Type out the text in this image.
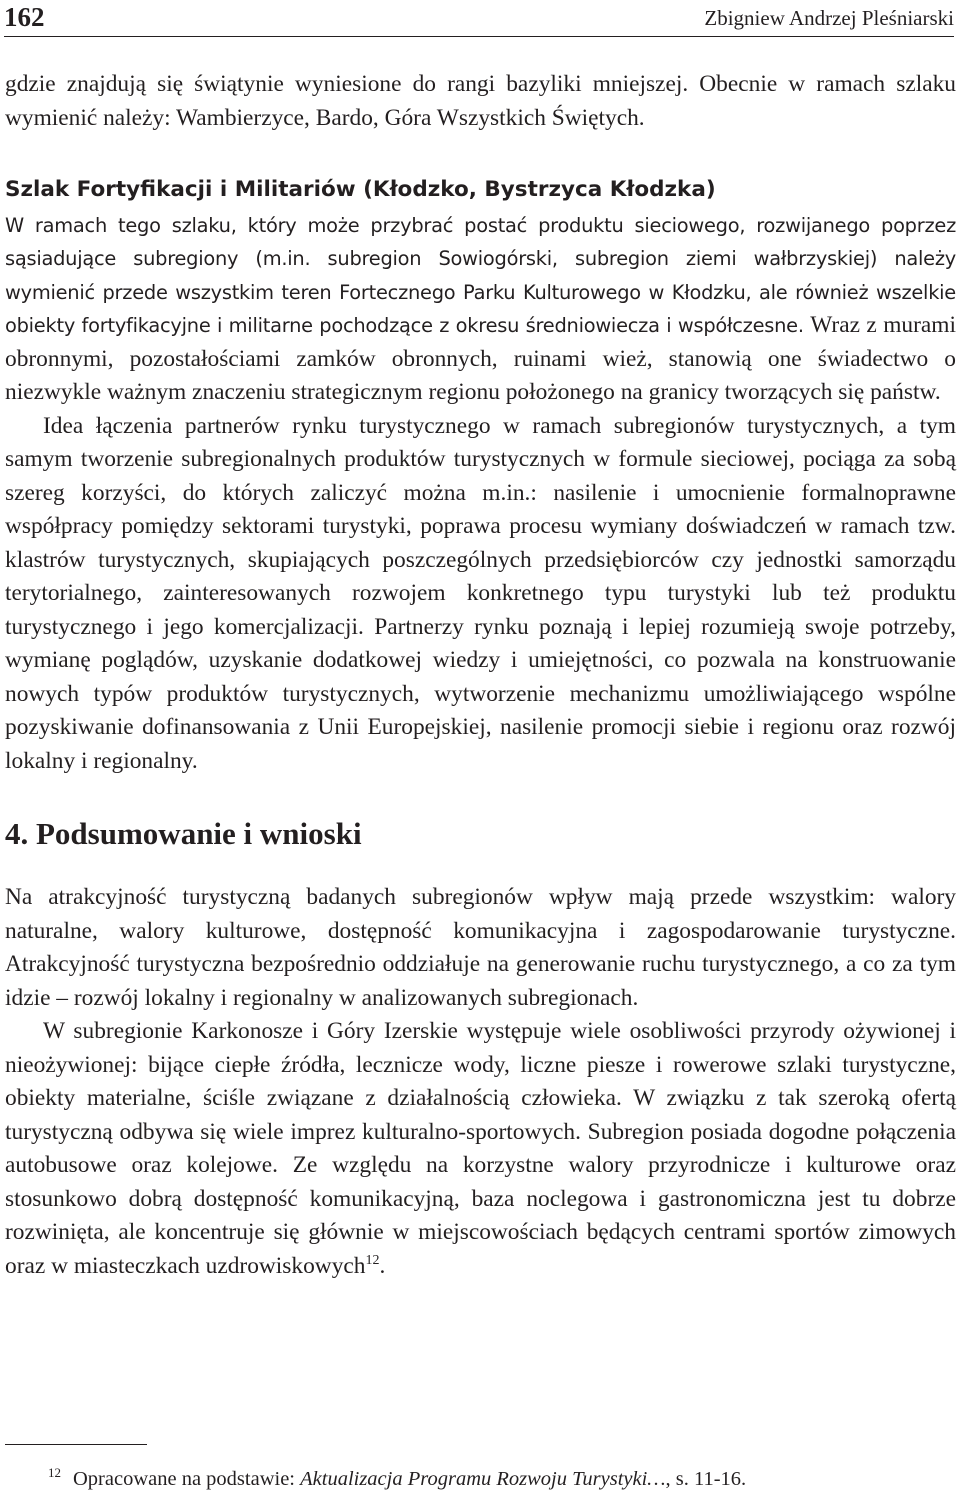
162	Zbigniew Andrzej Pleśniarski

gdzie znajdują się świątynie wyniesione do rangi bazyliki mniejszej. Obecnie w ramach szlaku wymienić należy: Wambierzyce, Bardo, Góra Wszystkich Świętych.

Szlak Fortyfikacji i Militariów (Kłodzko, Bystrzyca Kłodzka)

W ramach tego szlaku, który może przybrać postać produktu sieciowego, rozwijanego poprzez sąsiadujące subregiony (m.in. subregion Sowiogórski, subregion ziemi wałbrzyskiej) należy wymienić przede wszystkim teren Fortecznego Parku Kulturowego w Kłodzku, ale również wszelkie obiekty fortyfikacyjne i militarne pochodzące z okresu średniowiecza i współczesne. Wraz z murami obronnymi, pozostałościami zamków obronnych, ruinami wież, stanowią one świadectwo o niezwykle ważnym znaczeniu strategicznym regionu położonego na granicy tworzących się państw.

Idea łączenia partnerów rynku turystycznego w ramach subregionów turystycznych, a tym samym tworzenie subregionalnych produktów turystycznych w formule sieciowej, pociąga za sobą szereg korzyści, do których zaliczyć można m.in.: nasilenie i umocnienie formalnoprawne współpracy pomiędzy sektorami turystyki, poprawa procesu wymiany doświadczeń w ramach tzw. klastrów turystycznych, skupiających poszczególnych przedsiębiorców czy jednostki samorządu terytorialnego, zainteresowanych rozwojem konkretnego typu turystyki lub też produktu turystycznego i jego komercjalizacji. Partnerzy rynku poznają i lepiej rozumieją swoje potrzeby, wymianę poglądów, uzyskanie dodatkowej wiedzy i umiejętności, co pozwala na konstruowanie nowych typów produktów turystycznych, wytworzenie mechanizmu umożliwiającego wspólne pozyskiwanie dofinansowania z Unii Europejskiej, nasilenie promocji siebie i regionu oraz rozwój lokalny i regionalny.

4. Podsumowanie i wnioski

Na atrakcyjność turystyczną badanych subregionów wpływ mają przede wszystkim: walory naturalne, walory kulturowe, dostępność komunikacyjna i zagospodarowanie turystyczne. Atrakcyjność turystyczna bezpośrednio oddziałuje na generowanie ruchu turystycznego, a co za tym idzie – rozwój lokalny i regionalny w analizowanych subregionach.

W subregionie Karkonosze i Góry Izerskie występuje wiele osobliwości przyrody ożywionej i nieożywionej: bijące ciepłe źródła, lecznicze wody, liczne piesze i rowerowe szlaki turystyczne, obiekty materialne, ściśle związane z działalnością człowieka. W związku z tak szeroką ofertą turystyczną odbywa się wiele imprez kulturalno-sportowych. Subregion posiada dogodne połączenia autobusowe oraz kolejowe. Ze względu na korzystne walory przyrodnicze i kulturowe oraz stosunkowo dobrą dostępność komunikacyjną, baza noclegowa i gastronomiczna jest tu dobrze rozwinięta, ale koncentruje się głównie w miejscowościach będących centrami sportów zimowych oraz w miasteczkach uzdrowiskowych$^{12}$.

$^{12}$ Opracowane na podstawie: Aktualizacja Programu Rozwoju Turystyki…, s. 11-16.
